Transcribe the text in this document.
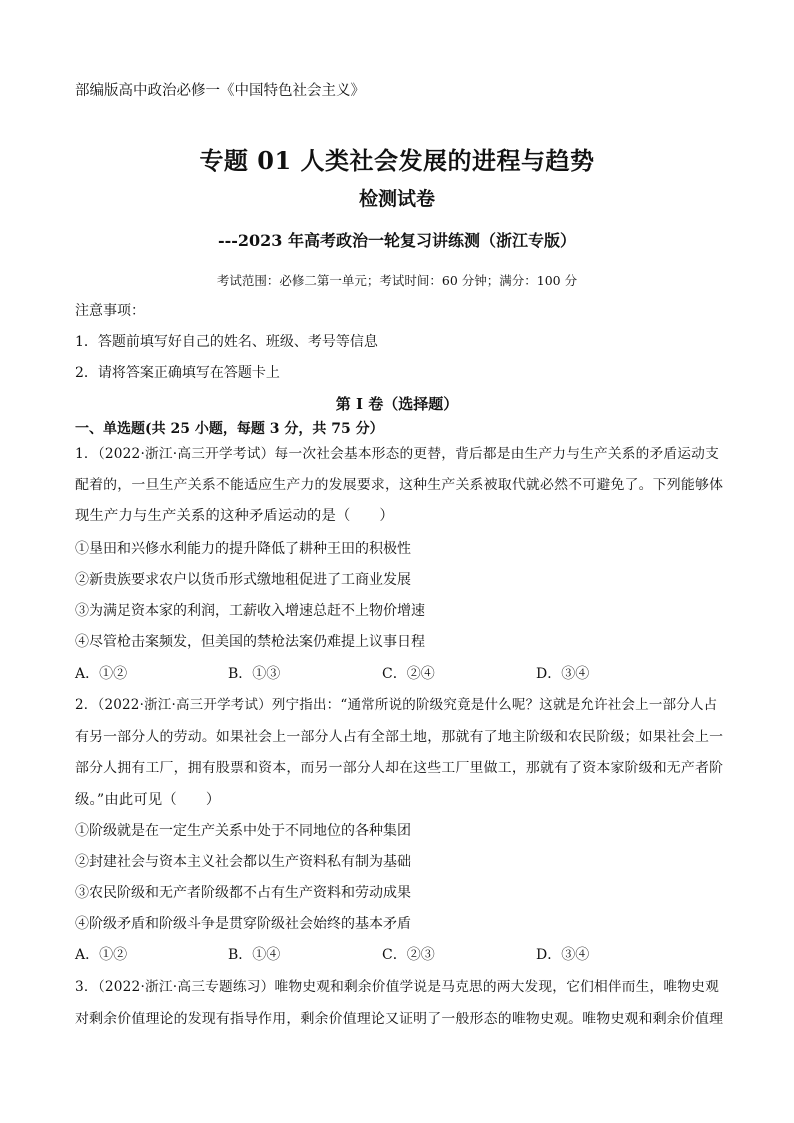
部编版高中政治必修一《中国特色社会主义》
专题 01 人类社会发展的进程与趋势
检测试卷
---2023 年高考政治一轮复习讲练测（浙江专版）
考试范围：必修二第一单元；考试时间：60 分钟；满分：100 分
注意事项：
1．答题前填写好自己的姓名、班级、考号等信息
2．请将答案正确填写在答题卡上
第 I 卷（选择题）
一、单选题(共 25 小题，每题 3 分，共 75 分）
1．（2022·浙江·高三开学考试）每一次社会基本形态的更替，背后都是由生产力与生产关系的矛盾运动支
配着的，一旦生产关系不能适应生产力的发展要求，这种生产关系被取代就必然不可避免了。下列能够体
现生产力与生产关系的这种矛盾运动的是（　　）
①垦田和兴修水利能力的提升降低了耕种王田的积极性
②新贵族要求农户以货币形式缴地租促进了工商业发展
③为满足资本家的利润，工薪收入增速总赶不上物价增速
④尽管枪击案频发，但美国的禁枪法案仍难提上议事日程
A．①②	B．①③	C．②④	D．③④
2．（2022·浙江·高三开学考试）列宁指出：“通常所说的阶级究竟是什么呢？这就是允许社会上一部分人占
有另一部分人的劳动。如果社会上一部分人占有全部土地，那就有了地主阶级和农民阶级；如果社会上一
部分人拥有工厂，拥有股票和资本，而另一部分人却在这些工厂里做工，那就有了资本家阶级和无产者阶
级。”由此可见（　　）
①阶级就是在一定生产关系中处于不同地位的各种集团
②封建社会与资本主义社会都以生产资料私有制为基础
③农民阶级和无产者阶级都不占有生产资料和劳动成果
④阶级矛盾和阶级斗争是贯穿阶级社会始终的基本矛盾
A．①②	B．①④	C．②③	D．③④
3．（2022·浙江·高三专题练习）唯物史观和剩余价值学说是马克思的两大发现，它们相伴而生，唯物史观
对剩余价值理论的发现有指导作用，剩余价值理论又证明了一般形态的唯物史观。唯物史观和剩余价值理
